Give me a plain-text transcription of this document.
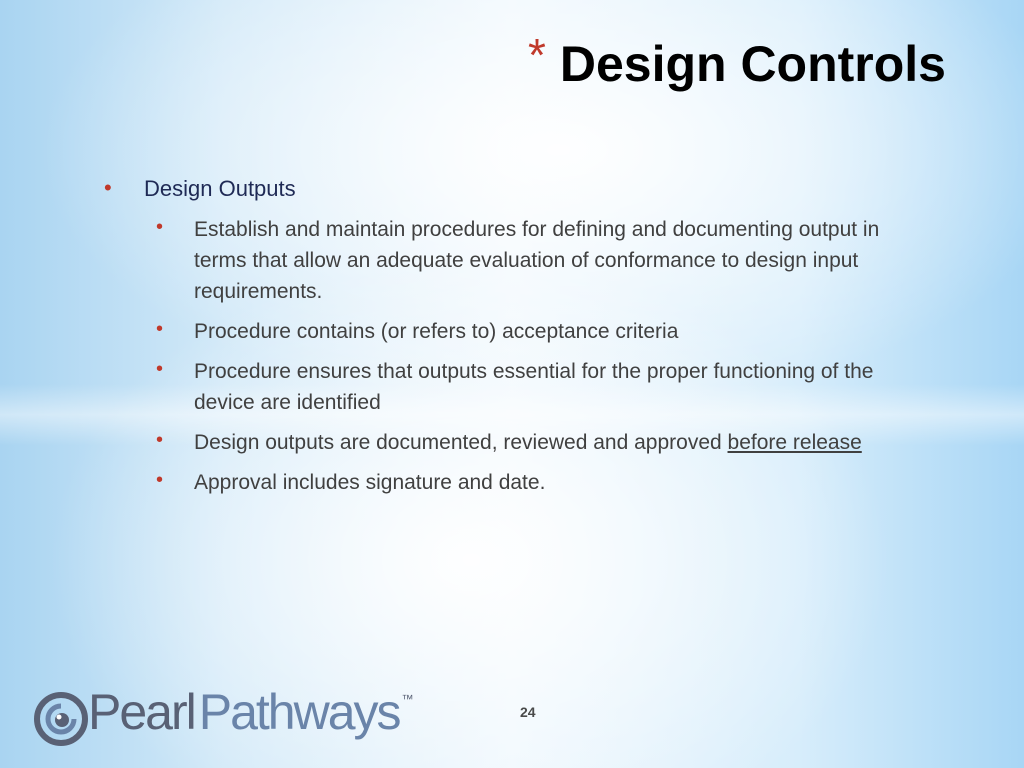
* Design Controls
•	Design Outputs
•	Establish and maintain procedures for defining and documenting output in terms that allow an adequate evaluation of conformance to design input requirements.
•	Procedure contains (or refers to) acceptance criteria
•	Procedure ensures that outputs essential for the proper functioning of the device are identified
•	Design outputs are documented, reviewed and approved before release
•	Approval includes signature and date.
24
Pearl Pathways ™
